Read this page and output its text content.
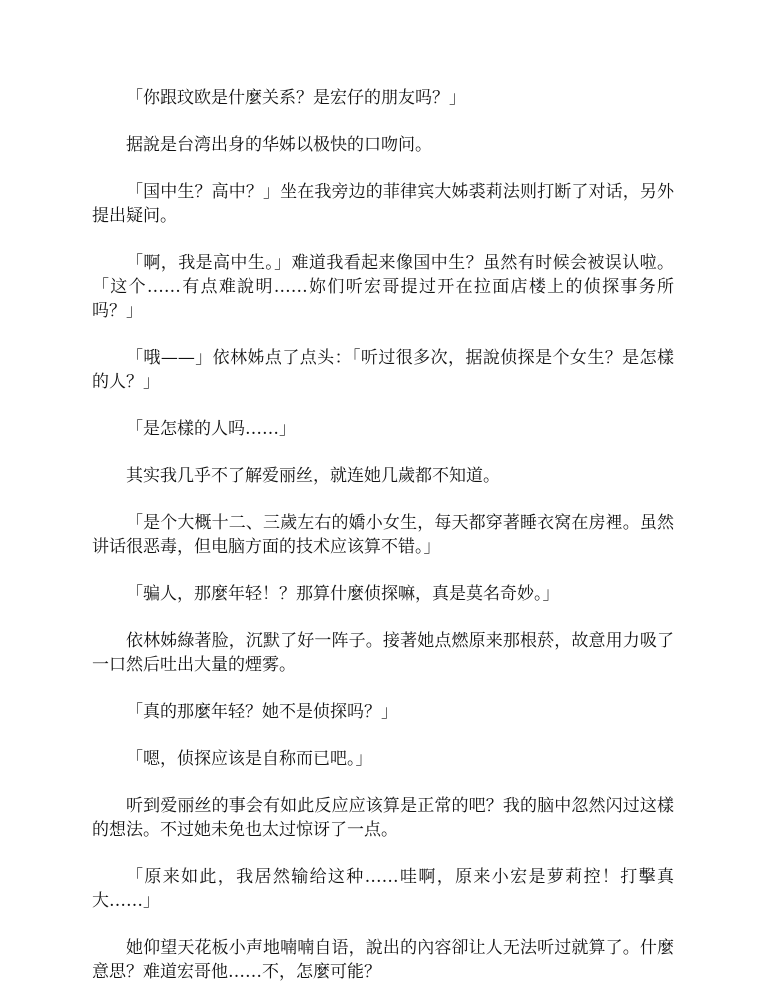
「你跟玟欧是什麼关系？是宏仔的朋友吗？」

据說是台湾出身的华姊以极快的口吻问。

「国中生？高中？」坐在我旁边的菲律宾大姊裘莉法则打断了对话，另外提出疑问。

「啊，我是高中生。」难道我看起来像国中生？虽然有时候会被误认啦。「这个……有点难說明……妳们听宏哥提过开在拉面店楼上的侦探事务所吗？」

「哦——」依林姊点了点头：「听过很多次，据說侦探是个女生？是怎樣的人？」

「是怎樣的人吗……」

其实我几乎不了解爱丽丝，就连她几歲都不知道。

「是个大概十二、三歲左右的嬌小女生，每天都穿著睡衣窝在房裡。虽然讲话很恶毒，但电脑方面的技术应该算不错。」

「骗人，那麼年轻！？那算什麼侦探嘛，真是莫名奇妙。」

依林姊綠著脸，沉默了好一阵子。接著她点燃原来那根菸，故意用力吸了一口然后吐出大量的煙雾。

「真的那麼年轻？她不是侦探吗？」

「嗯，侦探应该是自称而已吧。」

听到爱丽丝的事会有如此反应应该算是正常的吧？我的脑中忽然闪过这樣的想法。不过她未免也太过惊讶了一点。

「原来如此，我居然输给这种……哇啊，原来小宏是萝莉控！打擊真大……」

她仰望天花板小声地喃喃自语，說出的內容卻让人无法听过就算了。什麼意思？难道宏哥他……不，怎麼可能？
